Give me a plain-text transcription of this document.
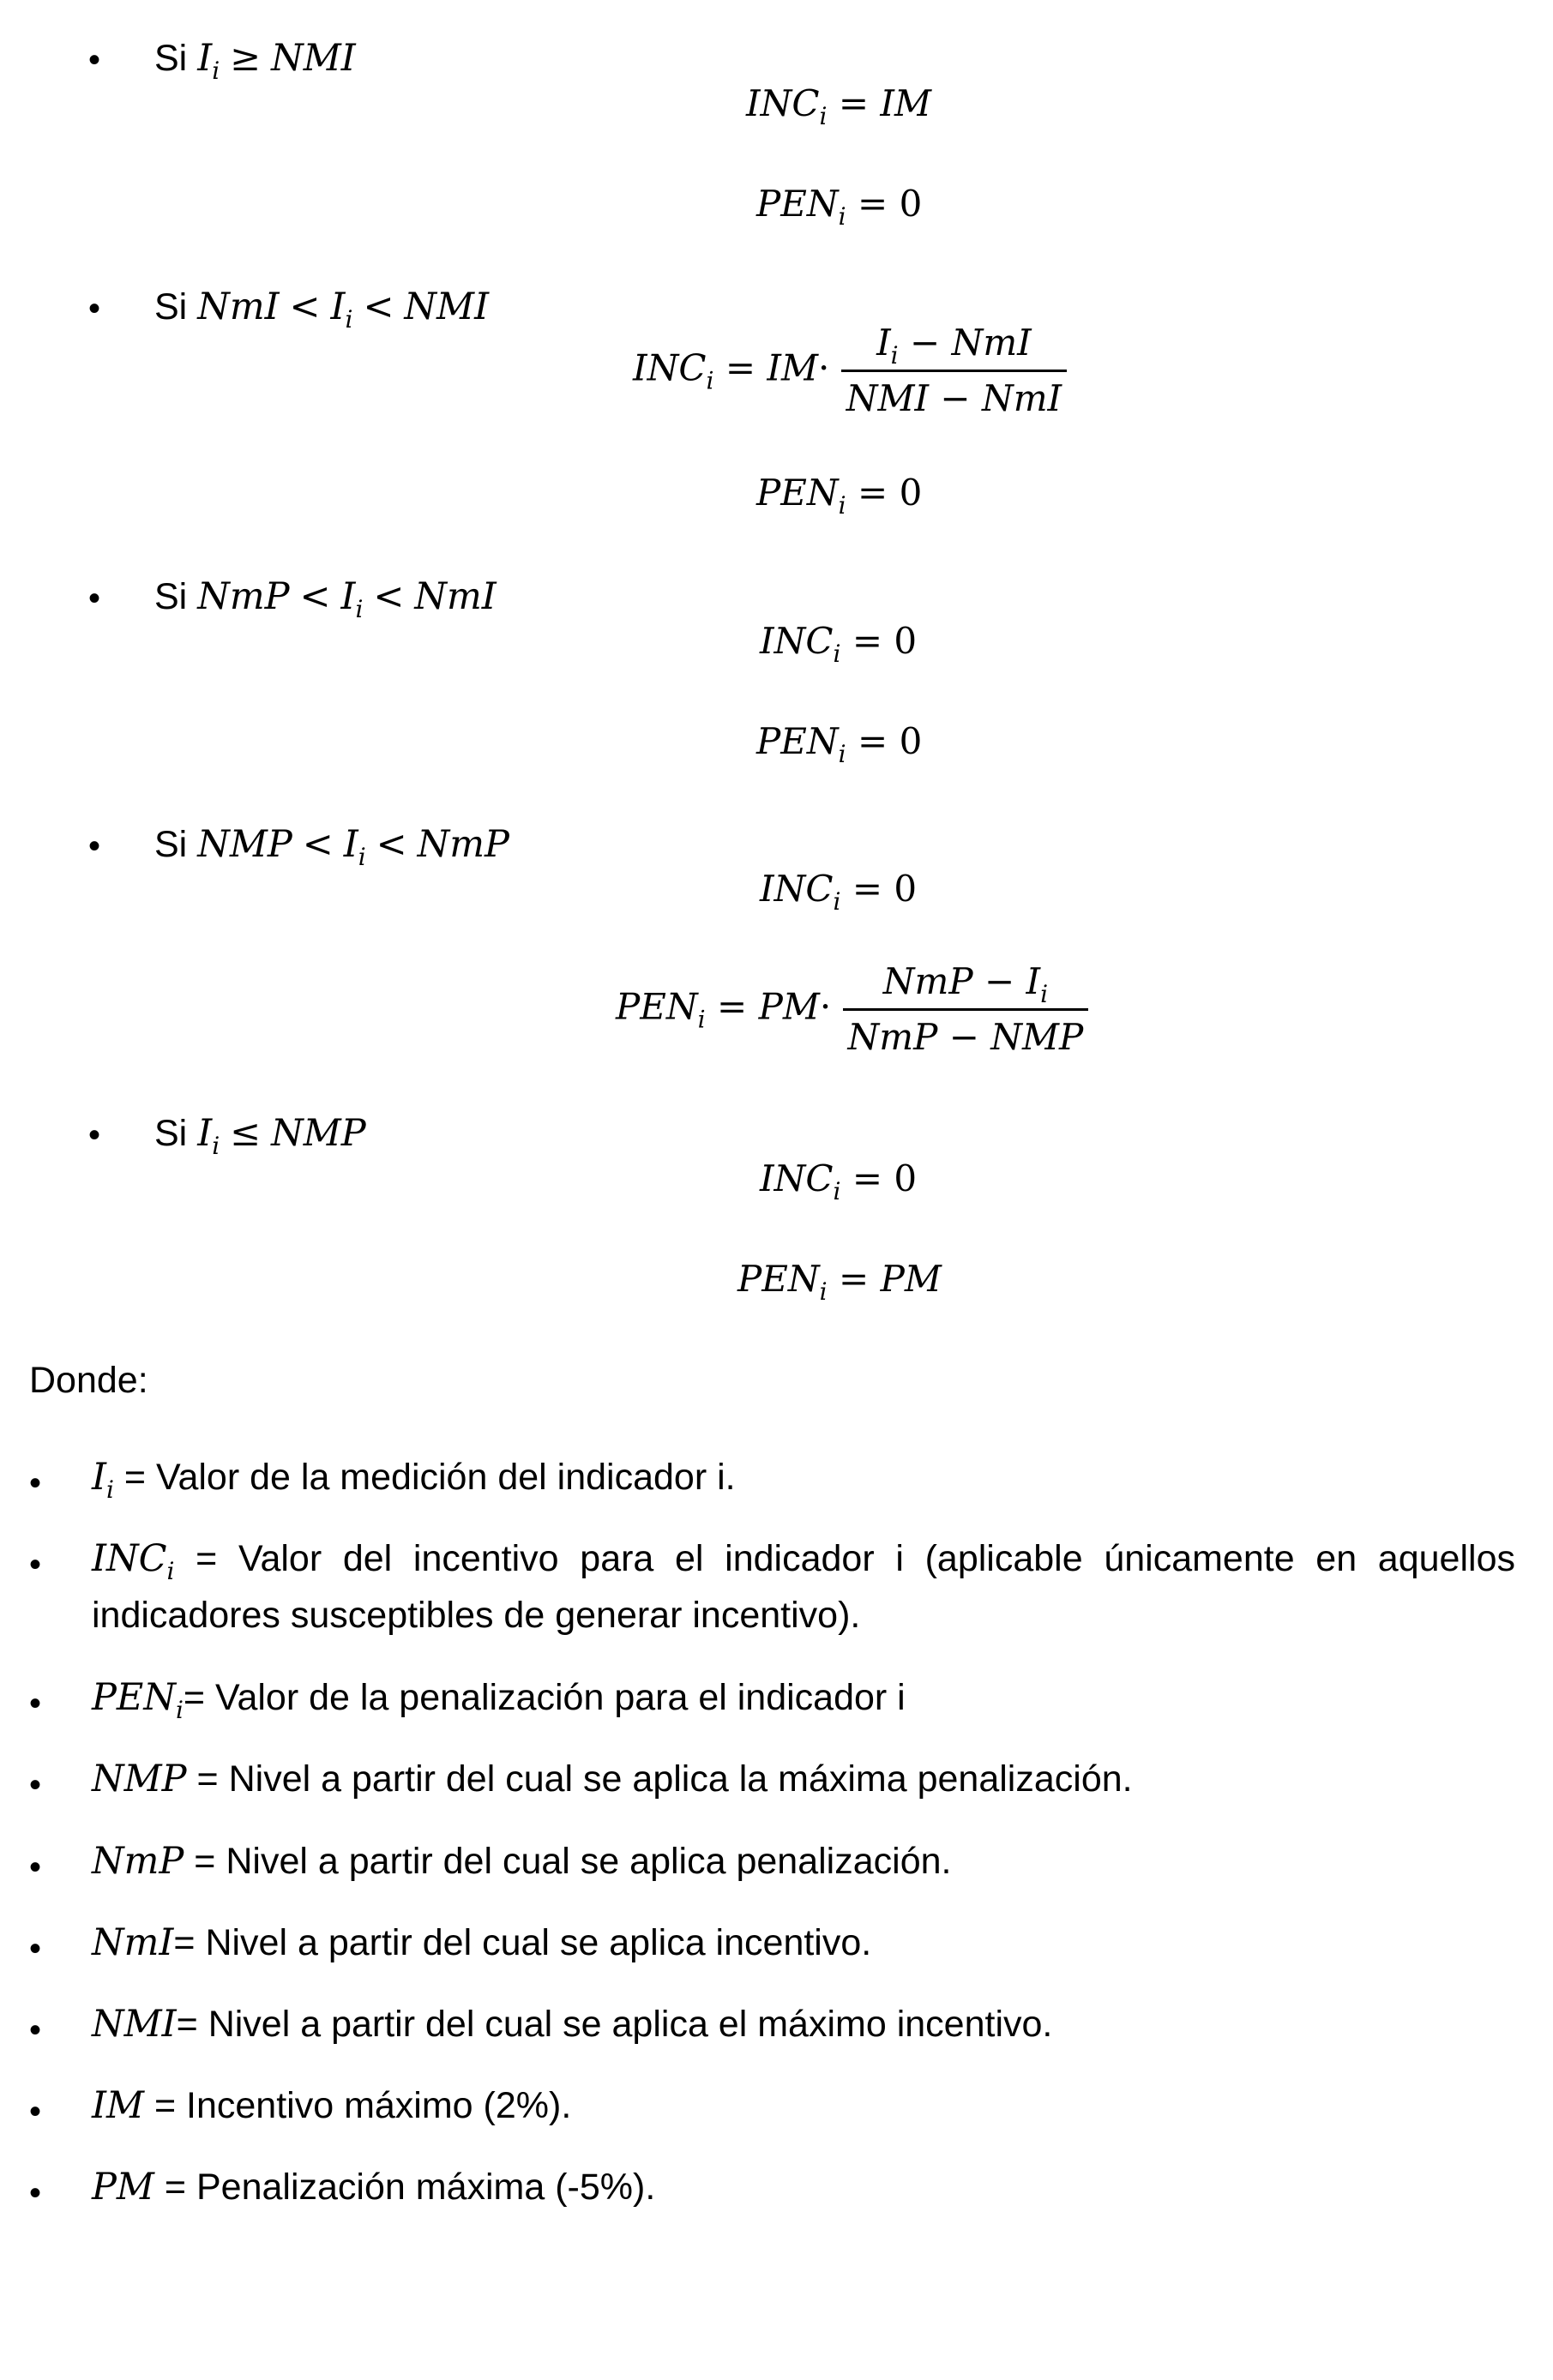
• Si $I_i$ ≥ NMI
$INC_i$ = IM
$PEN_i = 0$
• Si NmI < $I_i$ < NMI
$INC_i = IM\cdot \frac{I_i - NmI}{\text{NMI − NmI}}$
$PEN_i = 0$
• Si NmP < $I_i$ < NmI
$INC_i = 0$
$PEN_i = 0$
• Si NMP < $I_i$ < NmP
$INC_i = 0$
$PEN_i = PM\cdot \frac{NmP - I_i}{\text{NmP − NMP}}$
• Si $I_i$ ≤ NMP
$INC_i = 0$
$PEN_i$ = PM
Donde:
• $I_i$ = Valor de la medición del indicador i.
• $INC_i$ = Valor del incentivo para el indicador i (aplicable únicamente en aquellos indicadores susceptibles de generar incentivo).
• $PEN_i=$ Valor de la penalización para el indicador i
• NMP = Nivel a partir del cual se aplica la máxima penalización.
• NmP = Nivel a partir del cual se aplica penalización.
• NmI= Nivel a partir del cual se aplica incentivo.
• NMI= Nivel a partir del cual se aplica el máximo incentivo.
• IM = Incentivo máximo (2%).
• PM = Penalización máxima (-5%).
